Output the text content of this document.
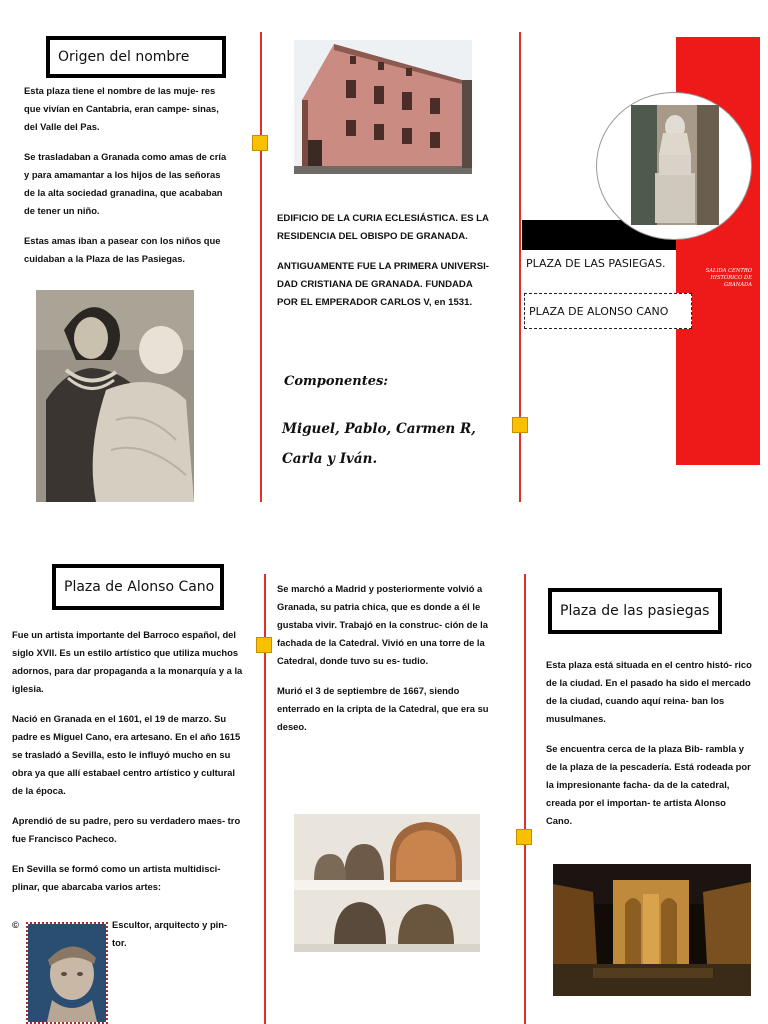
Origen del nombre

Esta plaza tiene el nombre de las muje- res que vivían en Cantabria, eran campe- sinas, del Valle del Pas.

Se trasladaban a Granada como amas de cría y para amamantar a los hijos de las señoras de la alta sociedad granadina, que acababan de tener un niño.

Estas amas iban a pasear con los niños que cuidaban a la Plaza de las Pasiegas.

EDIFICIO DE LA CURIA ECLESIÁSTICA. ES LA RESIDENCIA DEL OBISPO DE GRANADA.

ANTIGUAMENTE FUE LA PRIMERA UNIVERSI- DAD CRISTIANA DE GRANADA. FUNDADA POR EL EMPERADOR CARLOS V, en 1531.

Componentes:
Miguel, Pablo, Carmen R, Carla y Iván.
PLAZA DE LAS PASIEGAS.
PLAZA DE ALONSO CANO
SALIDA CENTRO HISTÓRICO DE GRANADA
Plaza de Alonso Cano

Fue un artista importante del Barroco español, del siglo XVII. Es un estilo artístico que utiliza muchos adornos, para dar propaganda a la monarquía y a la iglesia.

Nació en Granada en el 1601, el 19 de marzo. Su padre es Miguel Cano, era artesano. En el año 1615 se trasladó a Sevilla, esto le influyó mucho en su obra ya que allí estabael centro artístico y cultural de la época.

Aprendió de su padre, pero su verdadero maes- tro fue Francisco Pacheco.

En Sevilla se formó como un artista multidisci- plinar, que abarcaba varios artes:

©	Escultor, arquitecto y pin- tor.

Se marchó a Madrid y posteriormente volvió a Granada, su patria chica, que es donde a él le gustaba vivir. Trabajó en la construc- ción de la fachada de la Catedral. Vivió en una torre de la Catedral, donde tuvo su es- tudio.

Murió el 3 de septiembre de 1667, siendo enterrado en la cripta de la Catedral, que era su deseo.

Plaza de las pasiegas

Esta plaza está situada en el centro histó- rico de la ciudad. En el pasado ha sido el mercado de la ciudad, cuando aquí reina- ban los musulmanes.

Se encuentra cerca de la plaza Bib- rambla y de la plaza de la pescadería. Está rodeada por la impresionante facha- da de la catedral, creada por el importan- te artista Alonso Cano.
